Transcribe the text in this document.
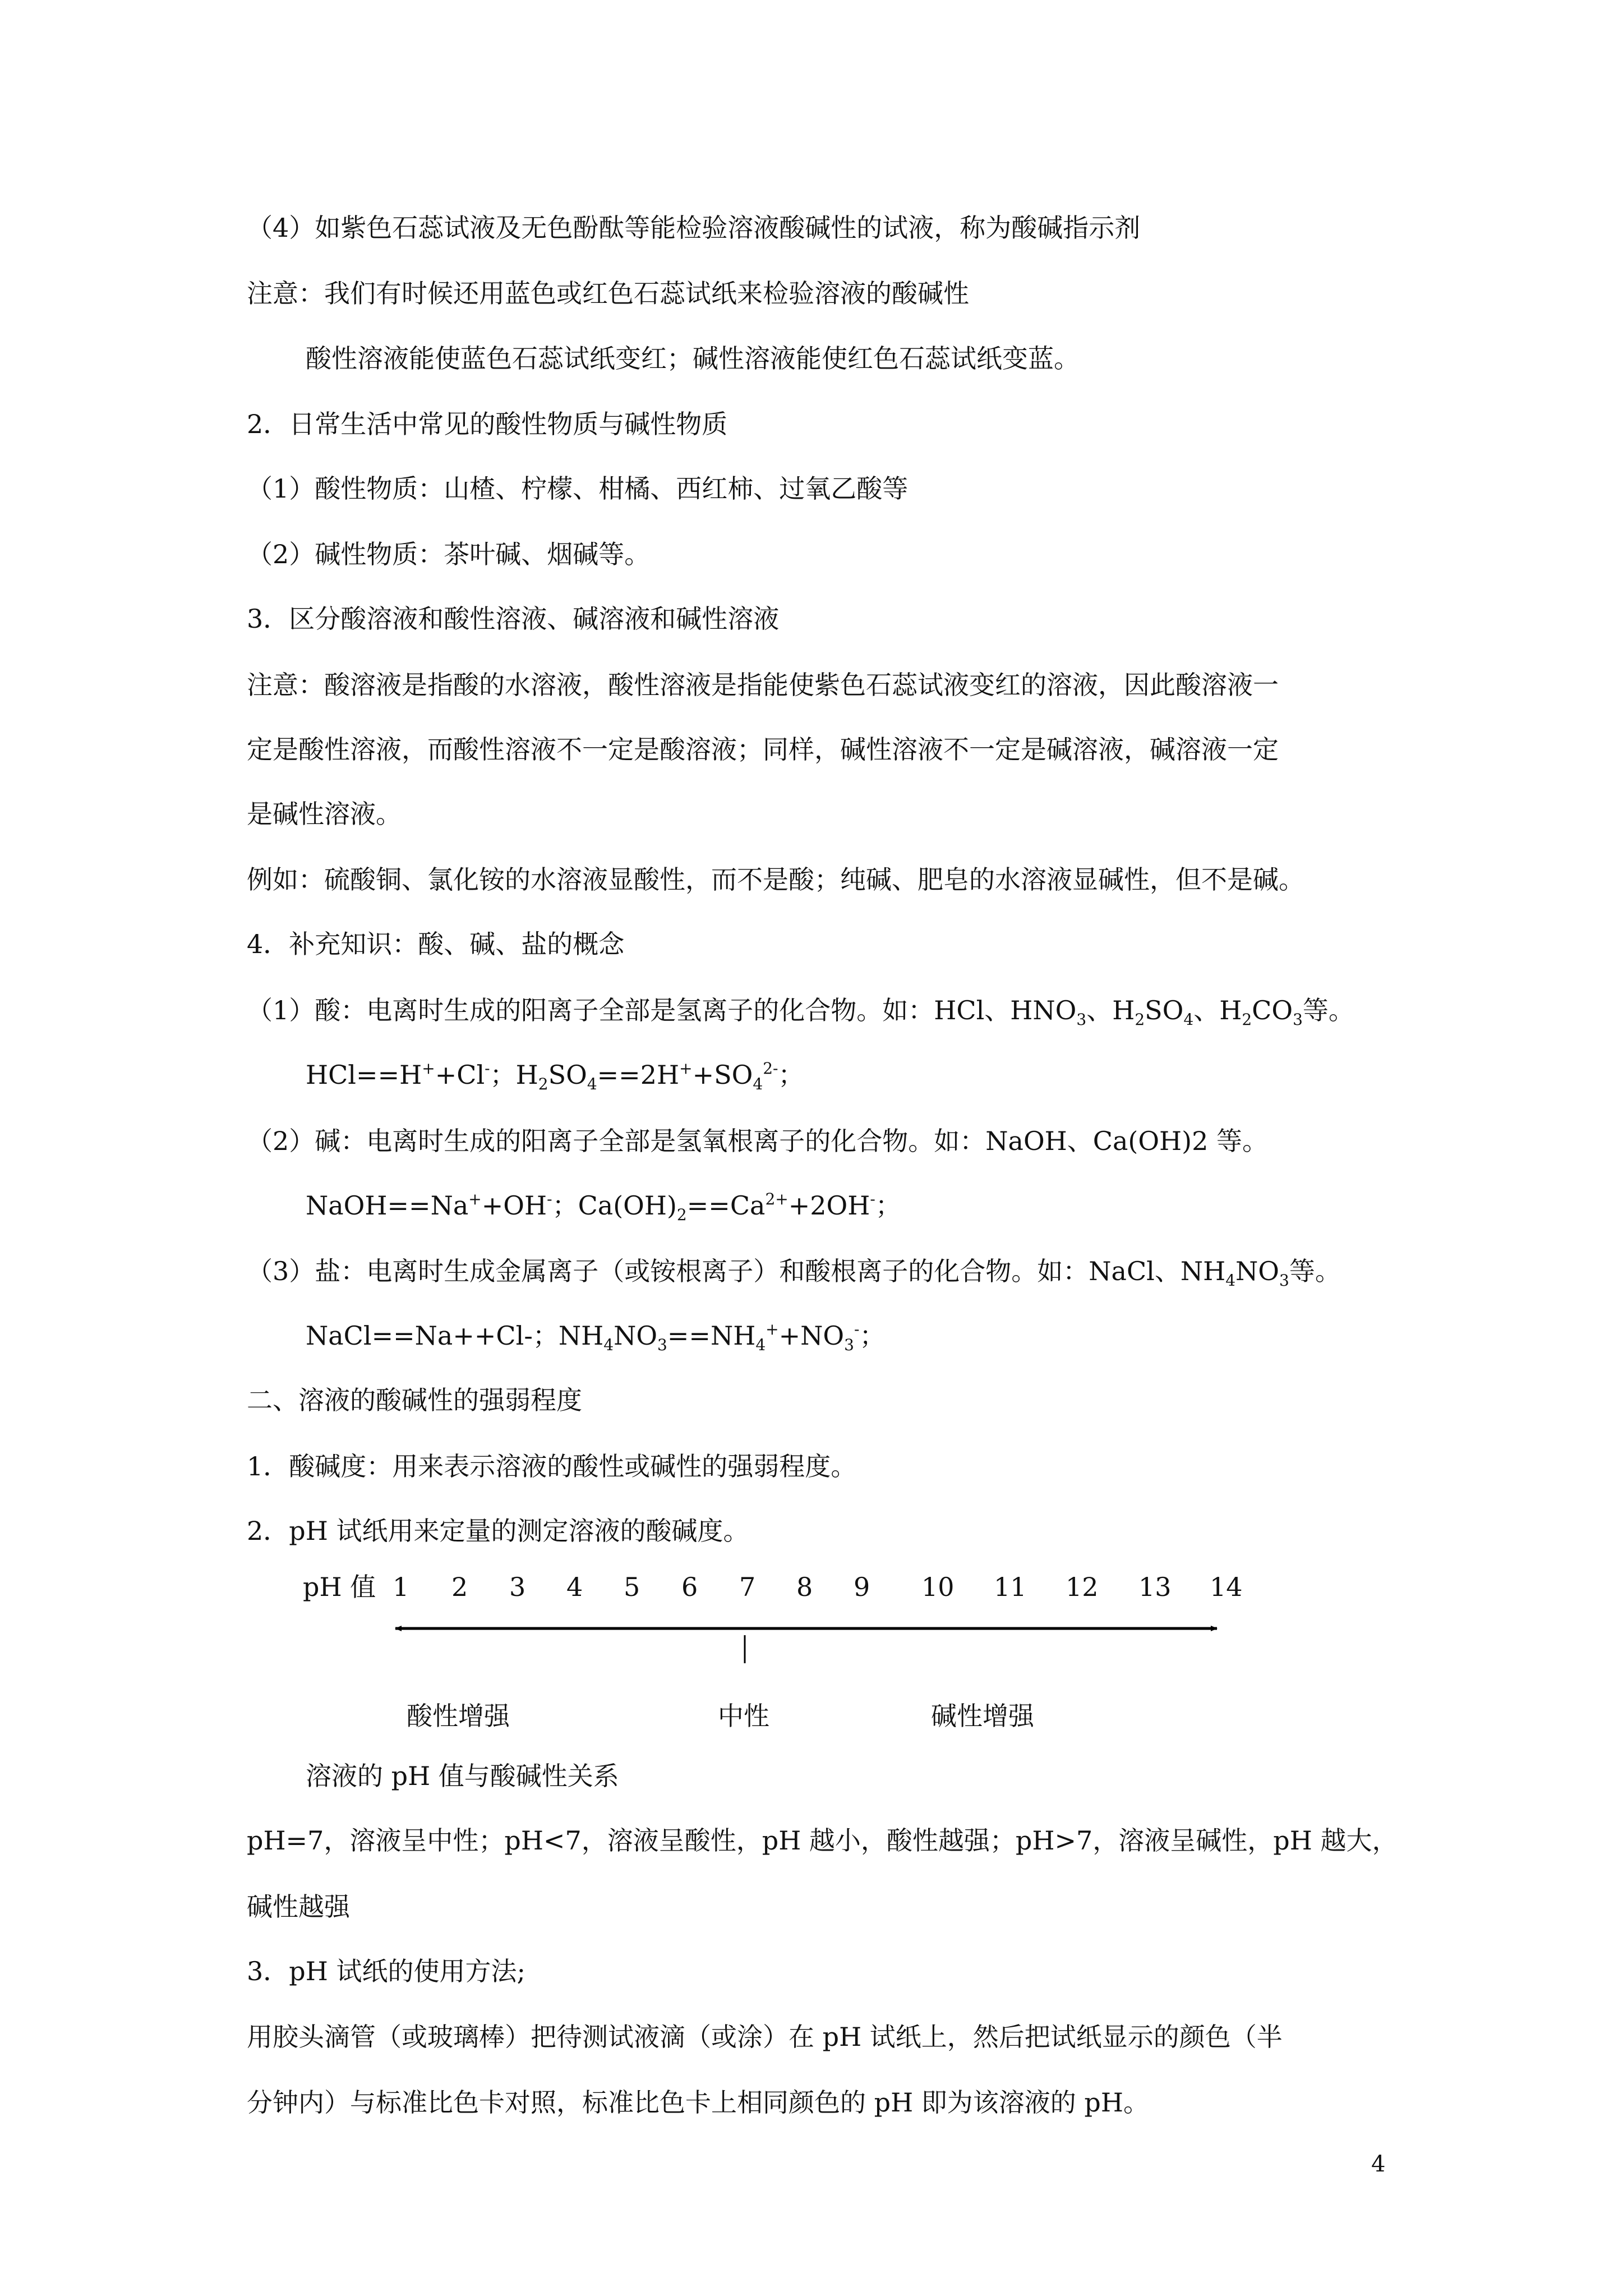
（4）如紫色石蕊试液及无色酚酞等能检验溶液酸碱性的试液，称为酸碱指示剂
注意：我们有时候还用蓝色或红色石蕊试纸来检验溶液的酸碱性
酸性溶液能使蓝色石蕊试纸变红；碱性溶液能使红色石蕊试纸变蓝。
2．日常生活中常见的酸性物质与碱性物质
（1）酸性物质：山楂、柠檬、柑橘、西红柿、过氧乙酸等
（2）碱性物质：茶叶碱、烟碱等。
3．区分酸溶液和酸性溶液、碱溶液和碱性溶液
注意：酸溶液是指酸的水溶液，酸性溶液是指能使紫色石蕊试液变红的溶液，因此酸溶液一
定是酸性溶液，而酸性溶液不一定是酸溶液；同样，碱性溶液不一定是碱溶液，碱溶液一定
是碱性溶液。
例如：硫酸铜、氯化铵的水溶液显酸性，而不是酸；纯碱、肥皂的水溶液显碱性，但不是碱。
4．补充知识：酸、碱、盐的概念
（1）酸：电离时生成的阳离子全部是氢离子的化合物。如：HCl、$HNO_3$、$H_2SO_4$、$H_2CO_3$等。
HCl==H++Cl-；$H_2SO_4==2H^++SO_4^{2-}$；
（2）碱：电离时生成的阳离子全部是氢氧根离子的化合物。如：NaOH、Ca(OH)2 等。
NaOH==Na++OH-；$Ca(OH)_2==Ca^{2+}+2OH^-$；
（3）盐：电离时生成金属离子（或铵根离子）和酸根离子的化合物。如：NaCl、$NH_4NO_3$等。
NaCl==Na++Cl-；$NH_4NO_3==NH_4^++NO_3^-$；
二、溶液的酸碱性的强弱程度
1．酸碱度：用来表示溶液的酸性或碱性的强弱程度。
2．pH 试纸用来定量的测定溶液的酸碱度。
pH 值 1 2 3 4 5 6 7 8 9 10 11 12 13 14
酸性增强	中性	碱性增强
溶液的 pH 值与酸碱性关系
pH=7，溶液呈中性；pH<7，溶液呈酸性，pH 越小，酸性越强；pH>7，溶液呈碱性，pH 越大，
碱性越强
3．pH 试纸的使用方法;
用胶头滴管（或玻璃棒）把待测试液滴（或涂）在 pH 试纸上，然后把试纸显示的颜色（半
分钟内）与标准比色卡对照，标准比色卡上相同颜色的 pH 即为该溶液的 pH。
4
